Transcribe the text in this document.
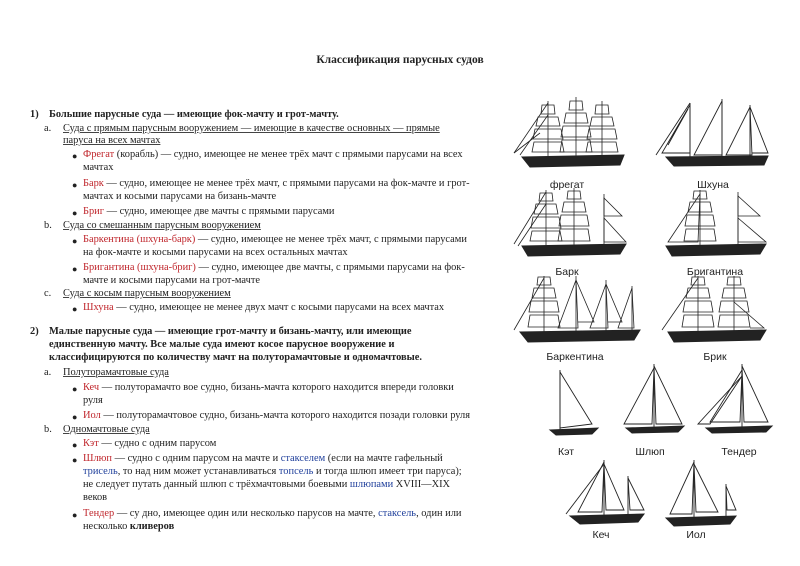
Классификация парусных судов
1) Большие парусные суда — имеющие фок-мачту и грот-мачту.
a. Суда с прямым парусным вооружением — имеющие в качестве основных — прямые
паруса на всех мачтах
● Фрегат (корабль) — судно, имеющее не менее трёх мачт с прямыми парусами на всех
мачтах
● Барк — судно, имеющее не менее трёх мачт, с прямыми парусами на фок-мачте и грот-
мачтах и косыми парусами на бизань-мачте
● Бриг — судно, имеющее две мачты с прямыми парусами
b. Суда со смешанным парусным вооружением
● Баркентина (шхуна-барк) — судно, имеющее не менее трёх мачт, с прямыми парусами
на фок-мачте и косыми парусами на всех остальных мачтах
● Бригантина (шхуна-бриг) — судно, имеющее две мачты, с прямыми парусами на фок-
мачте и косыми парусами на грот-мачте
c. Суда с косым парусным вооружением
● Шхуна — судно, имеющее не менее двух мачт с косыми парусами на всех мачтах
2) Малые парусные суда — имеющие грот-мачту и бизань-мачту, или имеющие
единственную мачту. Все малые суда имеют косое парусное вооружение и
классифицируются по количеству мачт на полуторамачтовые и одномачтовые.
a. Полуторамачтовые суда
● Кеч — полуторамачто вое судно, бизань-мачта которого находится впереди головки
руля
● Иол — полуторамачтовое судно, бизань-мачта которого находится позади головки руля
b. Одномачтовые суда
● Кэт — судно с одним парусом
● Шлюп — судно с одним парусом на мачте и стакселем (если на мачте гафельный
трисель, то над ним может устанавливаться топсель и тогда шлюп имеет три паруса);
не следует путать данный шлюп с трёхмачтовыми боевыми шлюпами XVIII—XIX
веков
● Тендер — су дно, имеющее один или несколько парусов на мачте, стаксель, один или
несколько кливеров
фрегат	Шхуна
Барк	Бригантина
Баркентина	Брик
Кэт	Шлюп	Тендер
Кеч	Иол
